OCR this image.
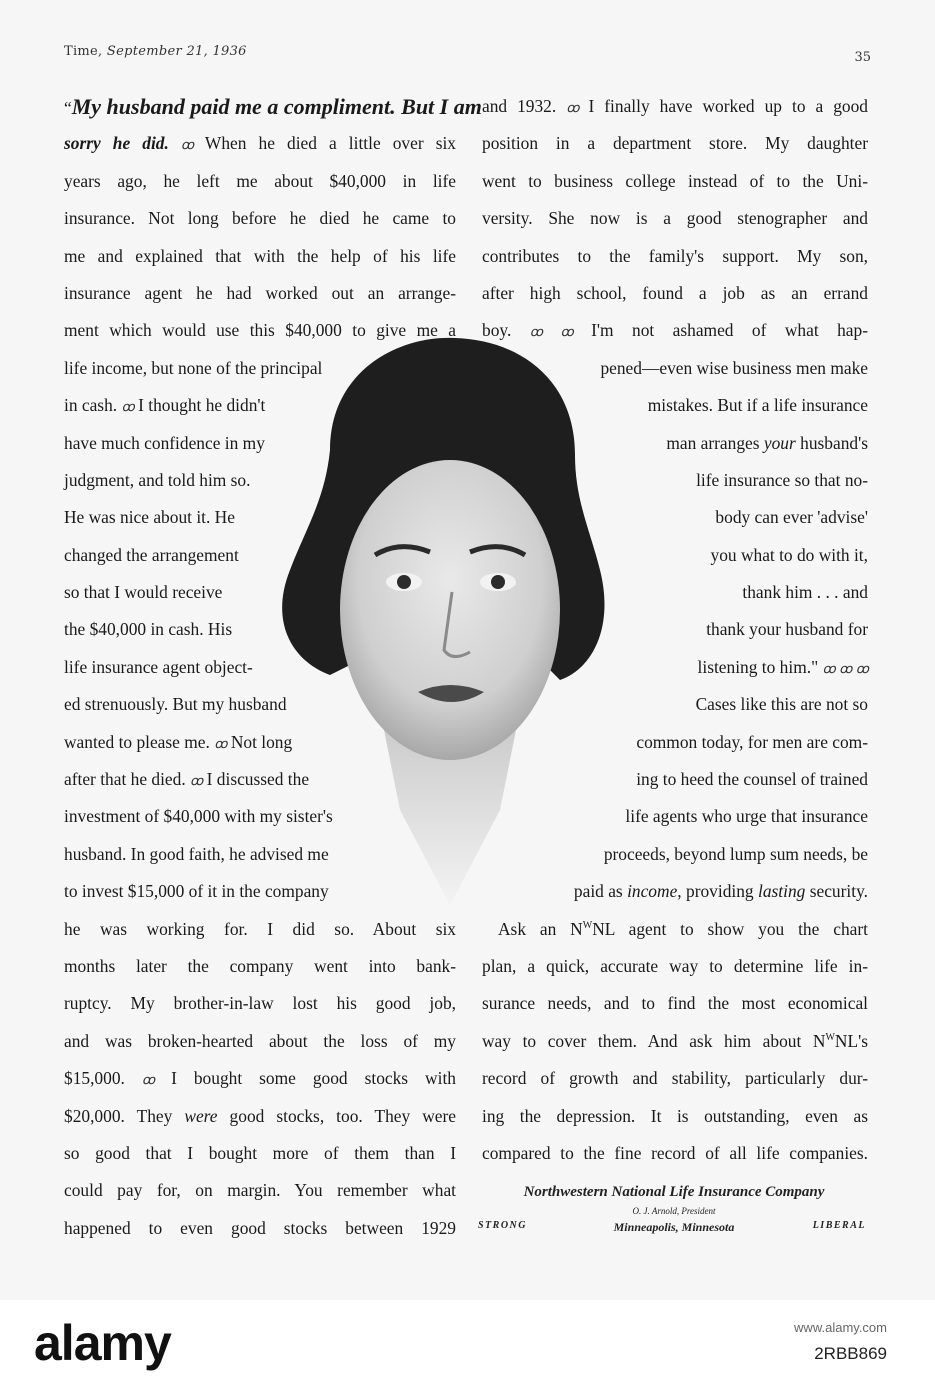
Time, September 21, 1936	35
“My husband paid me a compliment. But I am
sorry he did. ꝏ When he died a little over six
years ago, he left me about $40,000 in life
insurance. Not long before he died he came to
me and explained that with the help of his life
insurance agent he had worked out an arrange-
ment which would use this $40,000 to give me a
life income, but none of the principal
in cash. ꝏ I thought he didn't
have much confidence in my
judgment, and told him so.
He was nice about it. He
changed the arrangement
so that I would receive
the $40,000 in cash. His
life insurance agent object-
ed strenuously. But my husband
wanted to please me. ꝏ Not long
after that he died. ꝏ I discussed the
investment of $40,000 with my sister's
husband. In good faith, he advised me
to invest $15,000 of it in the company
he was working for. I did so. About six
months later the company went into bank-
ruptcy. My brother-in-law lost his good job,
and was broken-hearted about the loss of my
$15,000. ꝏ I bought some good stocks with
$20,000. They were good stocks, too. They were
so good that I bought more of them than I
could pay for, on margin. You remember what
happened to even good stocks between 1929
and 1932. ꝏ I finally have worked up to a good
position in a department store. My daughter
went to business college instead of to the Uni-
versity. She now is a good stenographer and
contributes to the family's support. My son,
after high school, found a job as an errand
boy. ꝏ ꝏ I'm not ashamed of what hap-
pened—even wise business men make
mistakes. But if a life insurance
man arranges your husband's
life insurance so that no-
body can ever 'advise'
you what to do with it,
thank him . . . and
thank your husband for
listening to him." ꝏ ꝏ ꝏ
Cases like this are not so
common today, for men are com-
ing to heed the counsel of trained
life agents who urge that insurance
proceeds, beyond lump sum needs, be
paid as income, providing lasting security.
Ask an $N^WNL$ agent to show you the chart
plan, a quick, accurate way to determine life in-
surance needs, and to find the most economical
way to cover them. And ask him about $N^WNL's$
record of growth and stability, particularly dur-
ing the depression. It is outstanding, even as
compared to the fine record of all life companies.
Northwestern National Life Insurance Company
O. J. Arnold, President
STRONG	Minneapolis, Minnesota	LIBERAL
alamy	www.alamy.com
2RBB869
